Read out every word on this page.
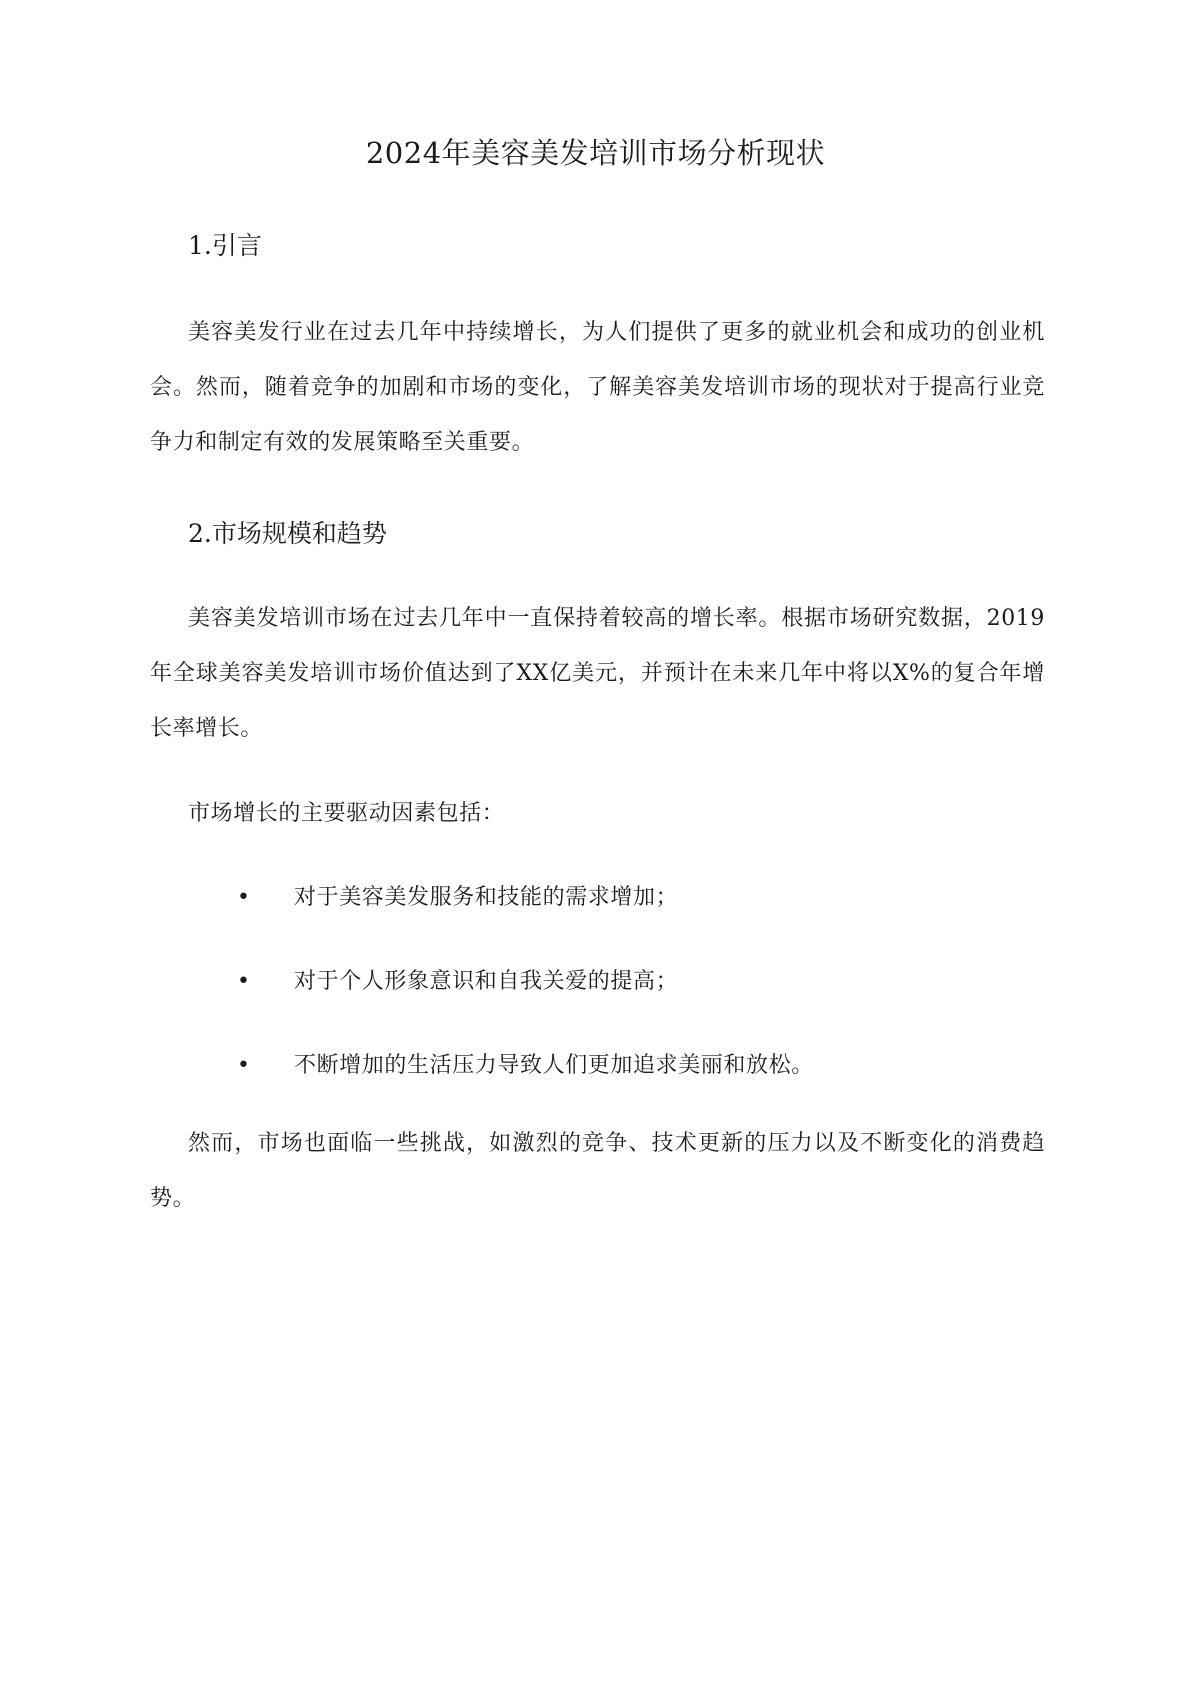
2024年美容美发培训市场分析现状
1.引言
美容美发行业在过去几年中持续增长，为人们提供了更多的就业机会和成功的创业机会。然而，随着竞争的加剧和市场的变化，了解美容美发培训市场的现状对于提高行业竞争力和制定有效的发展策略至关重要。
2.市场规模和趋势
美容美发培训市场在过去几年中一直保持着较高的增长率。根据市场研究数据，2019年全球美容美发培训市场价值达到了XX亿美元，并预计在未来几年中将以X%的复合年增长率增长。
市场增长的主要驱动因素包括：
• 对于美容美发服务和技能的需求增加；
• 对于个人形象意识和自我关爱的提高；
• 不断增加的生活压力导致人们更加追求美丽和放松。
然而，市场也面临一些挑战，如激烈的竞争、技术更新的压力以及不断变化的消费趋势。
